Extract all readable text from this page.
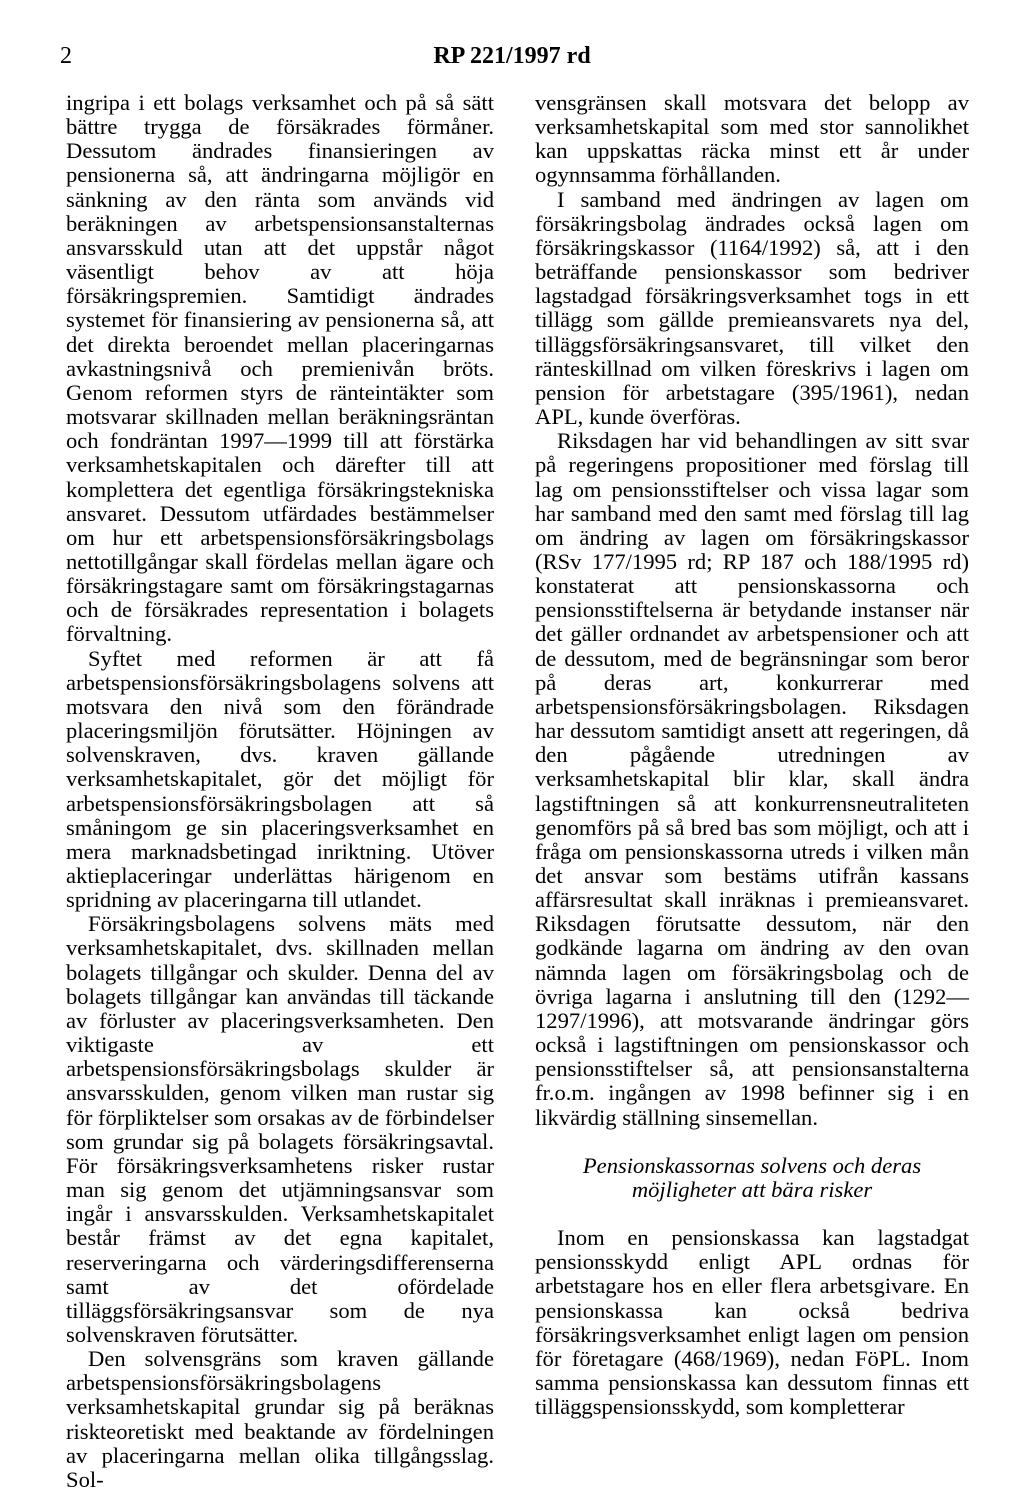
2	RP 221/1997 rd

ingripa i ett bolags verksamhet och på så sätt bättre trygga de försäkrades förmåner. Dessutom ändrades finansieringen av pensionerna så, att ändringarna möjligör en sänkning av den ränta som används vid beräkningen av arbetspensionsanstalternas ansvarsskuld utan att det uppstår något väsentligt behov av att höja försäkringspremien. Samtidigt ändrades systemet för finansiering av pensionerna så, att det direkta beroendet mellan placeringarnas avkastningsnivå och premienivån bröts. Genom reformen styrs de ränteintäkter som motsvarar skillnaden mellan beräkningsräntan och fondräntan 1997—1999 till att förstärka verksamhetskapitalen och därefter till att komplettera det egentliga försäkringstekniska ansvaret. Dessutom utfärdades bestämmelser om hur ett arbetspensionsförsäkringsbolags nettotillgångar skall fördelas mellan ägare och försäkringstagare samt om försäkringstagarnas och de försäkrades representation i bolagets förvaltning.

Syftet med reformen är att få arbetspensionsförsäkringsbolagens solvens att motsvara den nivå som den förändrade placeringsmiljön förutsätter. Höjningen av solvenskraven, dvs. kraven gällande verksamhetskapitalet, gör det möjligt för arbetspensionsförsäkringsbolagen att så småningom ge sin placeringsverksamhet en mera marknadsbetingad inriktning. Utöver aktieplaceringar underlättas härigenom en spridning av placeringarna till utlandet.

Försäkringsbolagens solvens mäts med verksamhetskapitalet, dvs. skillnaden mellan bolagets tillgångar och skulder. Denna del av bolagets tillgångar kan användas till täckande av förluster av placeringsverksamheten. Den viktigaste av ett arbetspensionsförsäkringsbolags skulder är ansvarsskulden, genom vilken man rustar sig för förpliktelser som orsakas av de förbindelser som grundar sig på bolagets försäkringsavtal. För försäkringsverksamhetens risker rustar man sig genom det utjämningsansvar som ingår i ansvarsskulden. Verksamhetskapitalet består främst av det egna kapitalet, reserveringarna och värderingsdifferenserna samt av det ofördelade tilläggsförsäkringsansvar som de nya solvenskraven förutsätter.

Den solvensgräns som kraven gällande arbetspensionsförsäkringsbolagens verksamhetskapital grundar sig på beräknas riskteoretiskt med beaktande av fördelningen av placeringarna mellan olika tillgångsslag. Sol-

vensgränsen skall motsvara det belopp av verksamhetskapital som med stor sannolikhet kan uppskattas räcka minst ett år under ogynnsamma förhållanden.

I samband med ändringen av lagen om försäkringsbolag ändrades också lagen om försäkringskassor (1164/1992) så, att i den beträffande pensionskassor som bedriver lagstadgad försäkringsverksamhet togs in ett tillägg som gällde premieansvarets nya del, tilläggsförsäkringsansvaret, till vilket den ränteskillnad om vilken föreskrivs i lagen om pension för arbetstagare (395/1961), nedan APL, kunde överföras.

Riksdagen har vid behandlingen av sitt svar på regeringens propositioner med förslag till lag om pensionsstiftelser och vissa lagar som har samband med den samt med förslag till lag om ändring av lagen om försäkringskassor (RSv 177/1995 rd; RP 187 och 188/1995 rd) konstaterat att pensionskassorna och pensionsstiftelserna är betydande instanser när det gäller ordnandet av arbetspensioner och att de dessutom, med de begränsningar som beror på deras art, konkurrerar med arbetspensionsförsäkringsbolagen. Riksdagen har dessutom samtidigt ansett att regeringen, då den pågående utredningen av verksamhetskapital blir klar, skall ändra lagstiftningen så att konkurrensneutraliteten genomförs på så bred bas som möjligt, och att i fråga om pensionskassorna utreds i vilken mån det ansvar som bestäms utifrån kassans affärsresultat skall inräknas i premieansvaret. Riksdagen förutsatte dessutom, när den godkände lagarna om ändring av den ovan nämnda lagen om försäkringsbolag och de övriga lagarna i anslutning till den (1292—1297/1996), att motsvarande ändringar görs också i lagstiftningen om pensionskassor och pensionsstiftelser så, att pensionsanstalterna fr.o.m. ingången av 1998 befinner sig i en likvärdig ställning sinsemellan.

Pensionskassornas solvens och deras möjligheter att bära risker

Inom en pensionskassa kan lagstadgat pensionsskydd enligt APL ordnas för arbetstagare hos en eller flera arbetsgivare. En pensionskassa kan också bedriva försäkringsverksamhet enligt lagen om pension för företagare (468/1969), nedan FöPL. Inom samma pensionskassa kan dessutom finnas ett tilläggspensionsskydd, som kompletterar
